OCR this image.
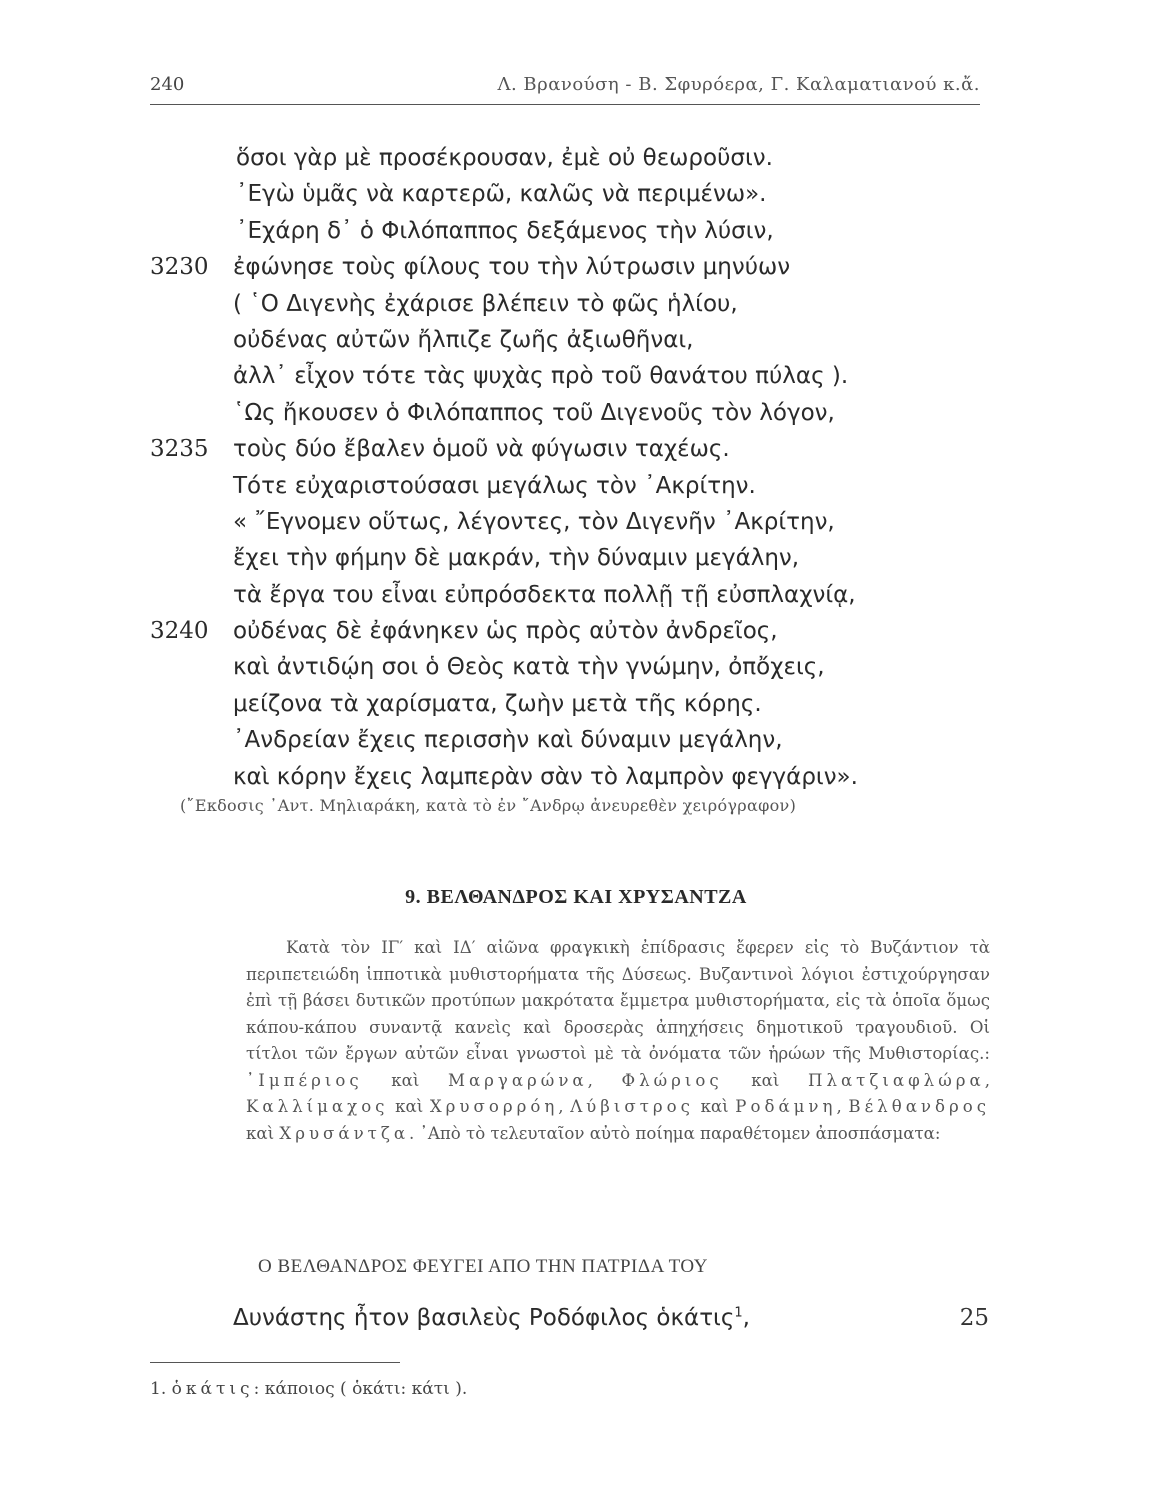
240	Λ. Βρανούση - Β. Σφυρόερα, Γ. Καλαματιανού κ.ἄ.
ὅσοι γὰρ μὲ προσέκρουσαν, ἐμὲ οὐ θεωροῦσιν.
᾿Εγὼ ὑμᾶς νὰ καρτερῶ, καλῶς νὰ περιμένω».
᾿Εχάρη δ᾽ ὁ Φιλόπαππος δεξάμενος τὴν λύσιν,
3230	ἐφώνησε τοὺς φίλους του τὴν λύτρωσιν μηνύων
( ῾Ο Διγενὴς ἐχάρισε βλέπειν τὸ φῶς ἡλίου,
οὐδένας αὐτῶν ἤλπιζε ζωῆς ἀξιωθῆναι,
ἀλλ᾽ εἶχον τότε τὰς ψυχὰς πρὸ τοῦ θανάτου πύλας ).
῾Ως ἤκουσεν ὁ Φιλόπαππος τοῦ Διγενοῦς τὸν λόγον,
3235	τοὺς δύο ἔβαλεν ὁμοῦ νὰ φύγωσιν ταχέως.
Τότε εὐχαριστούσασι μεγάλως τὸν ᾿Ακρίτην.
« ῎Εγνομεν οὕτως, λέγοντες, τὸν Διγενῆν ᾿Ακρίτην,
ἔχει τὴν φήμην δὲ μακράν, τὴν δύναμιν μεγάλην,
τὰ ἔργα του εἶναι εὐπρόσδεκτα πολλῇ τῇ εὐσπλαχνίᾳ,
3240	οὐδένας δὲ ἐφάνηκεν ὡς πρὸς αὐτὸν ἀνδρεῖος,
καὶ ἀντιδῴη σοι ὁ Θεὸς κατὰ τὴν γνώμην, ὀπὄχεις,
μείζονα τὰ χαρίσματα, ζωὴν μετὰ τῆς κόρης.
᾿Ανδρείαν ἔχεις περισσὴν καὶ δύναμιν μεγάλην,
καὶ κόρην ἔχεις λαμπερὰν σὰν τὸ λαμπρὸν φεγγάριν».
(῎Εκδοσις ᾿Αντ. Μηλιαράκη, κατὰ τὸ ἐν ῎Ανδρῳ ἀνευρεθὲν χειρόγραφον)
9. ΒΕΛΘΑΝΔΡΟΣ ΚΑΙ ΧΡΥΣΑΝΤΖΑ

Κατὰ τὸν ΙΓ′ καὶ ΙΔ′ αἰῶνα φραγκικὴ ἐπίδρασις ἔφερεν εἰς τὸ Βυζάντιον τὰ περιπετειώδη ἱπποτικὰ μυθιστορήματα τῆς Δύσεως. Βυζαντινοὶ λόγιοι ἐστιχούργησαν ἐπὶ τῇ βάσει δυτικῶν προτύπων μακρότατα ἔμμετρα μυθιστορήματα, εἰς τὰ ὁποῖα ὅμως κάπου-κάπου συναντᾷ κανεὶς καὶ δροσερὰς ἀπηχήσεις δημοτικοῦ τραγουδιοῦ. Οἱ τίτλοι τῶν ἔργων αὐτῶν εἶναι γνωστοὶ μὲ τὰ ὀνόματα τῶν ἡρώων τῆς Μυθιστορίας.: ᾿Ιμπέριος καὶ Μαργαρώνα, Φλώριος καὶ Πλατζιαφλώρα, Καλλίμαχος καὶ Χρυσορρόη, Λύβιστρος καὶ Ροδάμνη, Βέλθανδρος καὶ Χρυσάντζα. ᾿Απὸ τὸ τελευταῖον αὐτὸ ποίημα παραθέτομεν ἀποσπάσματα:

Ο ΒΕΛΘΑΝΔΡΟΣ ΦΕΥΓΕΙ ΑΠΟ ΤΗΝ ΠΑΤΡΙΔΑ ΤΟΥ
Δυνάστης ἦτον βασιλεὺς Ροδόφιλος ὁκάτις$^1$,	25
1. ὁκάτις: κάποιος ( ὁκάτι: κάτι ).
